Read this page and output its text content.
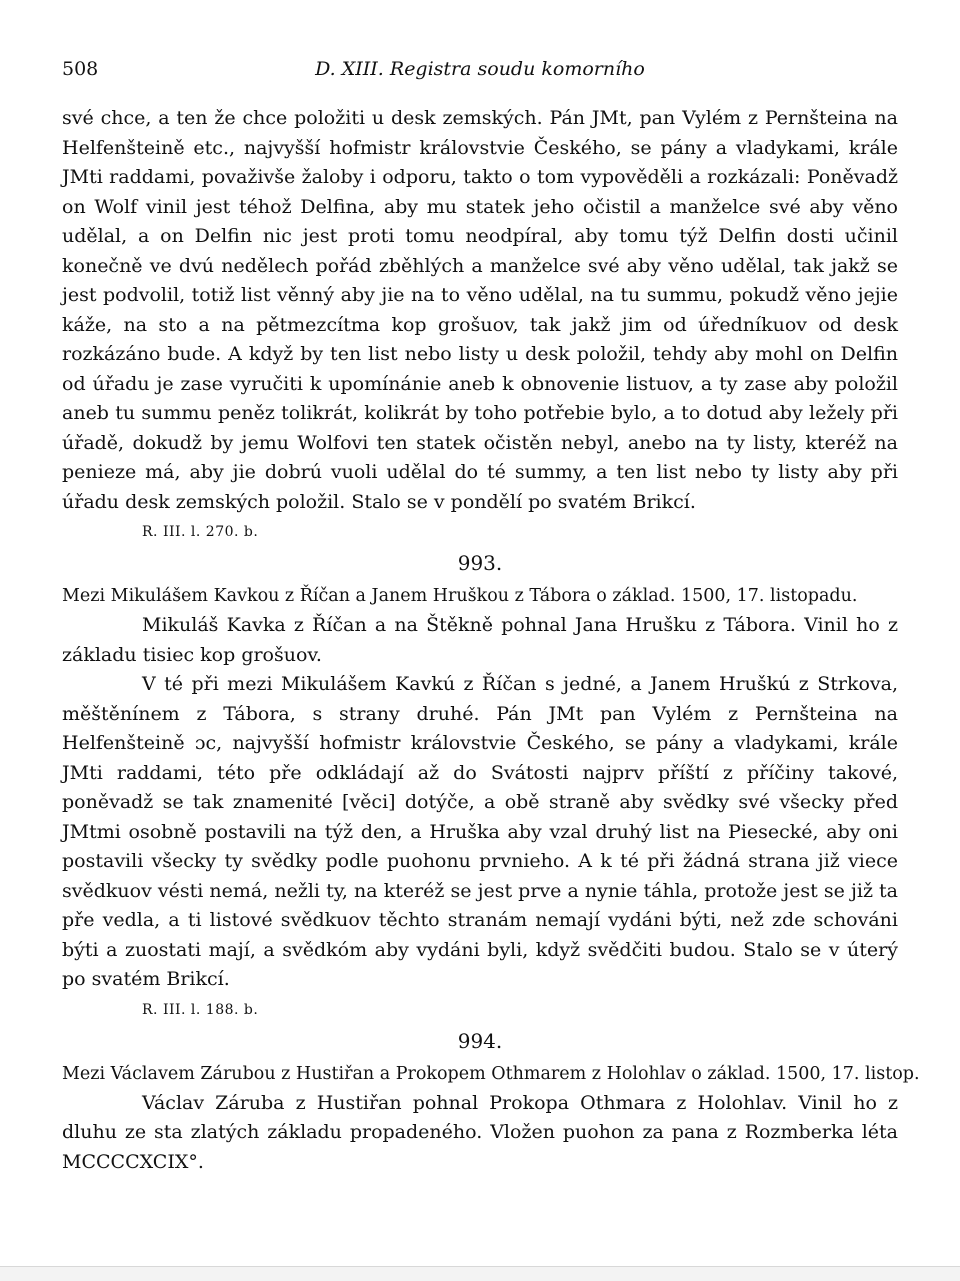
508	D. XIII. Registra soudu komorního

své chce, a ten že chce položiti u desk zemských. Pán JMt, pan Vylém z Pernšteina na Helfenšteině etc., najvyšší hofmistr královstvie Českého, se pány a vladykami, krále JMti raddami, považivše žaloby i odporu, takto o tom vypověděli a rozkázali: Poněvadž on Wolf vinil jest téhož Delfina, aby mu statek jeho očistil a manželce své aby věno udělal, a on Delfin nic jest proti tomu neodpíral, aby tomu týž Delfin dosti učinil konečně ve dvú nedělech pořád zběhlých a manželce své aby věno udělal, tak jakž se jest podvolil, totiž list věnný aby jie na to věno udělal, na tu summu, pokudž věno jejie káže, na sto a na pětmezcítma kop grošuov, tak jakž jim od úředníkuov od desk rozkázáno bude. A když by ten list nebo listy u desk položil, tehdy aby mohl on Delfin od úřadu je zase vyručiti k upomínánie aneb k obnovenie listuov, a ty zase aby položil aneb tu summu peněz tolikrát, kolikrát by toho potřebie bylo, a to dotud aby ležely při úřadě, dokudž by jemu Wolfovi ten statek očistěn nebyl, anebo na ty listy, kteréž na penieze má, aby jie dobrú vuoli udělal do té summy, a ten list nebo ty listy aby při úřadu desk zemských položil. Stalo se v pondělí po svatém Brikcí.

R. III. l. 270. b.
993.

Mezi Mikulášem Kavkou z Říčan a Janem Hruškou z Tábora o základ. 1500, 17. listopadu.

Mikuláš Kavka z Říčan a na Štěkně pohnal Jana Hrušku z Tábora. Vinil ho z základu tisiec kop grošuov.

V té při mezi Mikulášem Kavkú z Říčan s jedné, a Janem Hruškú z Strkova, měštěnínem z Tábora, s strany druhé. Pán JMt pan Vylém z Pernšteina na Helfenšteině ɔc, najvyšší hofmistr královstvie Českého, se pány a vladykami, krále JMti raddami, této pře odkládají až do Svátosti najprv příští z příčiny takové, poněvadž se tak znamenité [věci] dotýče, a obě straně aby svědky své všecky před JMtmi osobně postavili na týž den, a Hruška aby vzal druhý list na Piesecké, aby oni postavili všecky ty svědky podle puohonu prvnieho. A k té při žádná strana již viece svědkuov vésti nemá, nežli ty, na kteréž se jest prve a nynie táhla, protože jest se již ta pře vedla, a ti listové svědkuov těchto stranám nemají vydáni býti, než zde schováni býti a zuostati mají, a svědkóm aby vydáni byli, když svědčiti budou. Stalo se v úterý po svatém Brikcí.

R. III. l. 188. b.
994.

Mezi Václavem Zárubou z Hustiřan a Prokopem Othmarem z Holohlav o základ. 1500, 17. listop.

Václav Záruba z Hustiřan pohnal Prokopa Othmara z Holohlav. Vinil ho z dluhu ze sta zlatých základu propadeného. Vložen puohon za pana z Rozmberka léta MCCCCXCIX°.
